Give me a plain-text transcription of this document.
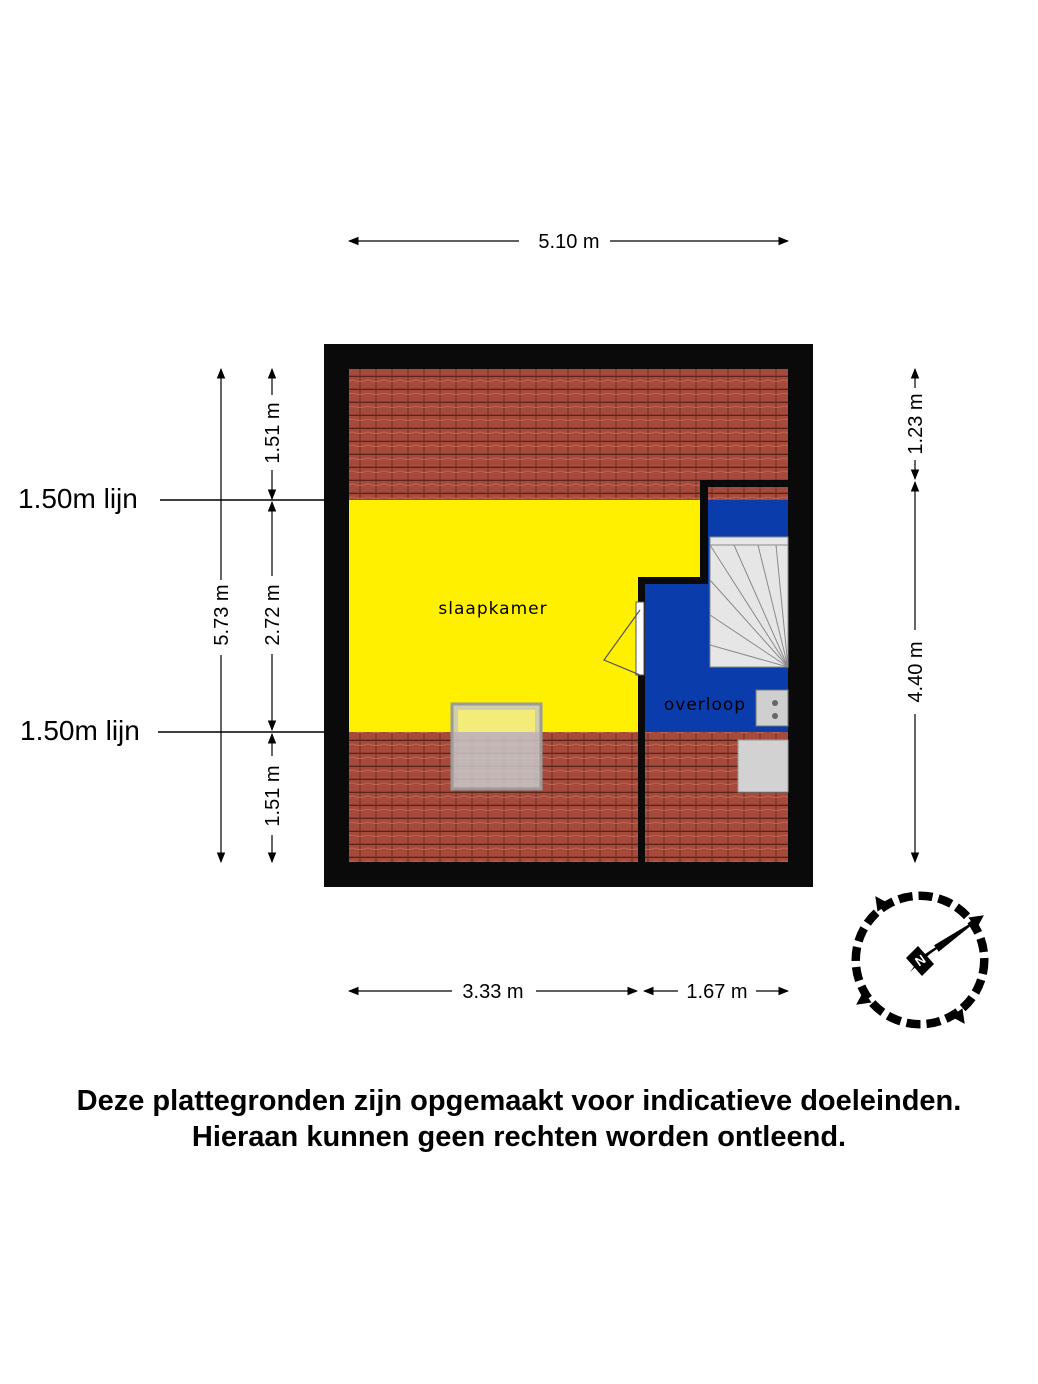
slaapkamer
overloop
5.10 m
3.33 m	1.67 m
5.73 m
1.51 m
2.72 m
1.51 m
1.23 m
4.40 m
1.50m lijn
1.50m lijn
N
Deze plattegronden zijn opgemaakt voor indicatieve doeleinden.
Hieraan kunnen geen rechten worden ontleend.
